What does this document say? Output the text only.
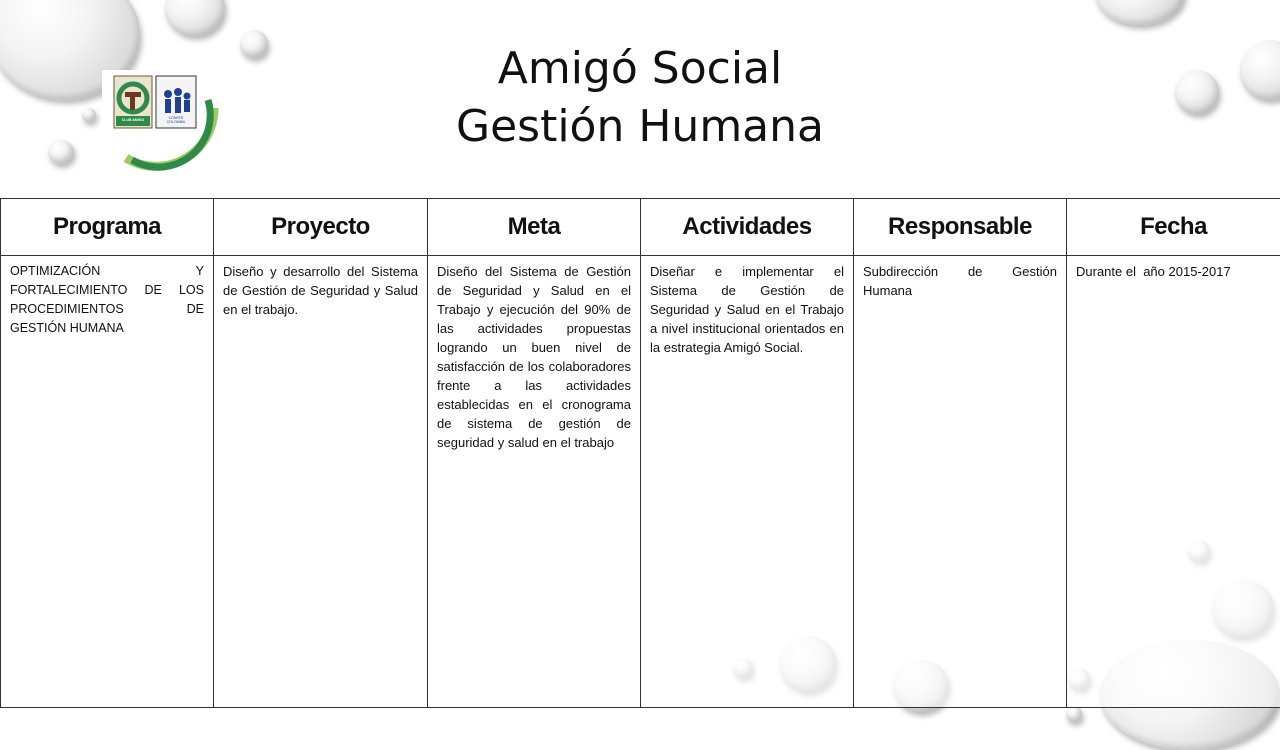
CLUB AMIGO	CONFER COLOMBIA
Amigó Social
Gestión Humana
Programa	Proyecto	Meta	Actividades	Responsable	Fecha
OPTIMIZACIÓN Y FORTALECIMIENTO DE LOS PROCEDIMIENTOS DE GESTIÓN HUMANA	Diseño y desarrollo del Sistema de Gestión de Seguridad y Salud en el trabajo.	Diseño del Sistema de Gestión de Seguridad y Salud en el Trabajo y ejecución del 90% de las actividades propuestas logrando un buen nivel de satisfacción de los colaboradores frente a las actividades establecidas en el cronograma de sistema de gestión de seguridad y salud en el trabajo	Diseñar e implementar el Sistema de Gestión de Seguridad y Salud en el Trabajo a nivel institucional orientados en la estrategia Amigó Social.	Subdirección de Gestión Humana	Durante el  año 2015-2017
